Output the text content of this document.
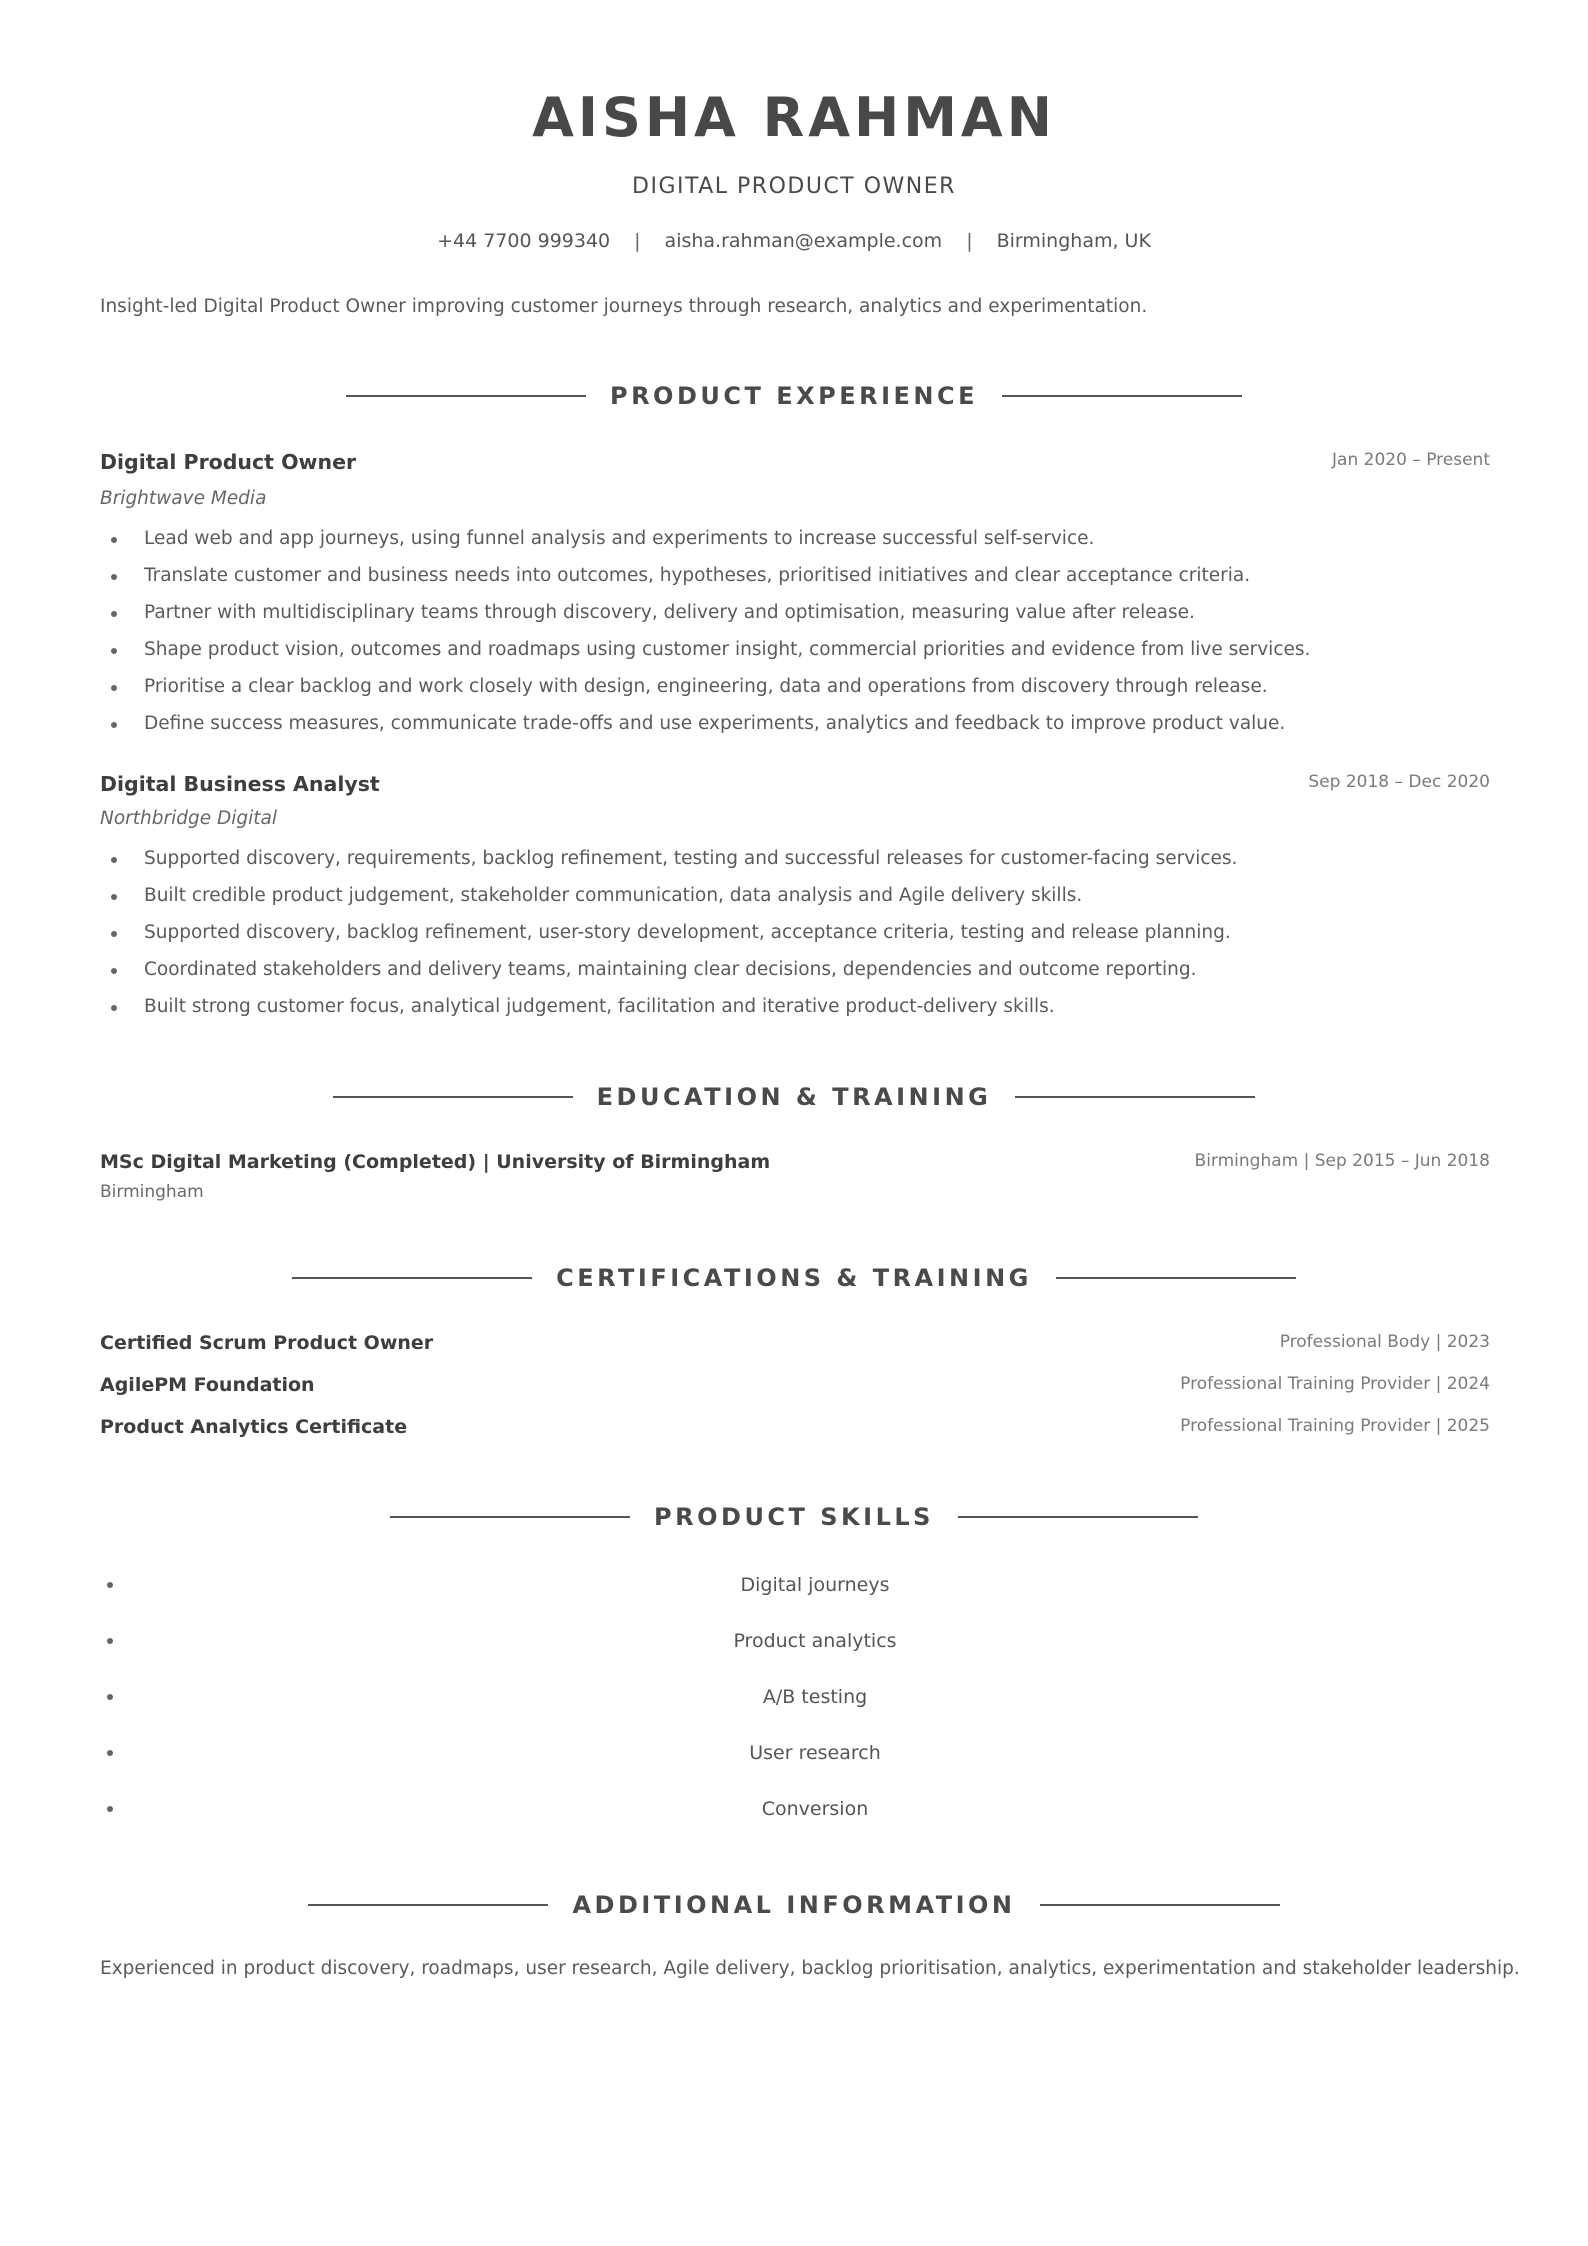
AISHA RAHMAN
DIGITAL PRODUCT OWNER
+44 7700 999340 | aisha.rahman@example.com | Birmingham, UK
Insight-led Digital Product Owner improving customer journeys through research, analytics and experimentation.
PRODUCT EXPERIENCE
Digital Product Owner	Jan 2020 – Present
Brightwave Media
Lead web and app journeys, using funnel analysis and experiments to increase successful self-service.
Translate customer and business needs into outcomes, hypotheses, prioritised initiatives and clear acceptance criteria.
Partner with multidisciplinary teams through discovery, delivery and optimisation, measuring value after release.
Shape product vision, outcomes and roadmaps using customer insight, commercial priorities and evidence from live services.
Prioritise a clear backlog and work closely with design, engineering, data and operations from discovery through release.
Define success measures, communicate trade-offs and use experiments, analytics and feedback to improve product value.
Digital Business Analyst	Sep 2018 – Dec 2020
Northbridge Digital
Supported discovery, requirements, backlog refinement, testing and successful releases for customer-facing services.
Built credible product judgement, stakeholder communication, data analysis and Agile delivery skills.
Supported discovery, backlog refinement, user-story development, acceptance criteria, testing and release planning.
Coordinated stakeholders and delivery teams, maintaining clear decisions, dependencies and outcome reporting.
Built strong customer focus, analytical judgement, facilitation and iterative product-delivery skills.
EDUCATION & TRAINING
MSc Digital Marketing (Completed) | University of Birmingham	Birmingham | Sep 2015 – Jun 2018
Birmingham
CERTIFICATIONS & TRAINING
Certified Scrum Product Owner	Professional Body | 2023
AgilePM Foundation	Professional Training Provider | 2024
Product Analytics Certificate	Professional Training Provider | 2025
PRODUCT SKILLS
Digital journeys
Product analytics
A/B testing
User research
Conversion
ADDITIONAL INFORMATION
Experienced in product discovery, roadmaps, user research, Agile delivery, backlog prioritisation, analytics, experimentation and stakeholder leadership.
